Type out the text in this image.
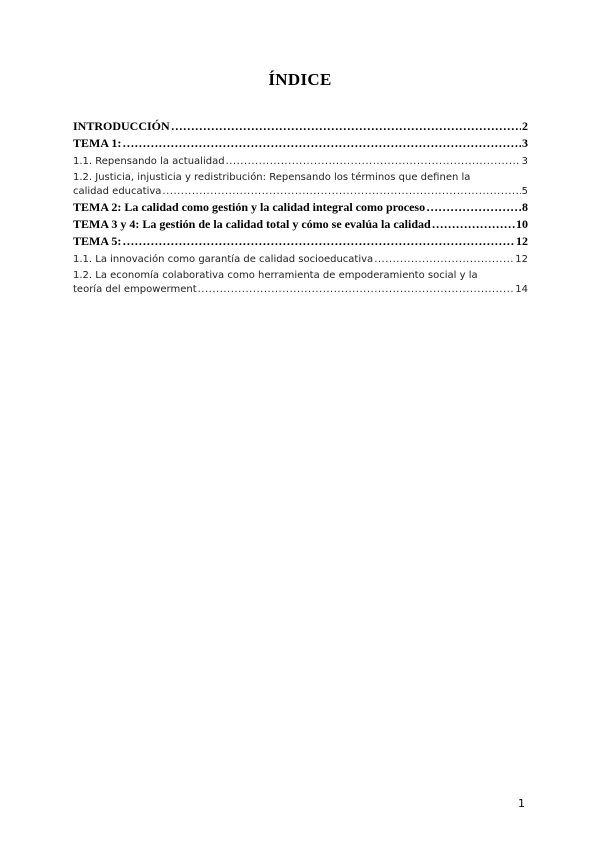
ÍNDICE
INTRODUCCIÓN …………………………………………………………………………………………………………………………………………………………………………………………………………………………………………	2
TEMA 1: …………………………………………………………………………………………………………………………………………………………………………………………………………………………………………	3
1.1. Repensando la actualidad .....	3
1.2. Justicia, injusticia y redistribución: Repensando los términos que definen la
calidad educativa .....	5
TEMA 2: La calidad como gestión y la calidad integral como proceso …………………………………………………………………………………………………………………………………………………………………………………………………………………………………………	8
TEMA 3 y 4: La gestión de la calidad total y cómo se evalúa la calidad …………………………………………………………………………………………………………………………………………………………………………………………………………………………………………	10
TEMA 5: …………………………………………………………………………………………………………………………………………………………………………………………………………………………………………	12
1.1. La innovación como garantía de calidad socioeducativa .....	12
1.2. La economía colaborativa como herramienta de empoderamiento social y la
teoría del empowerment .....	14
1
